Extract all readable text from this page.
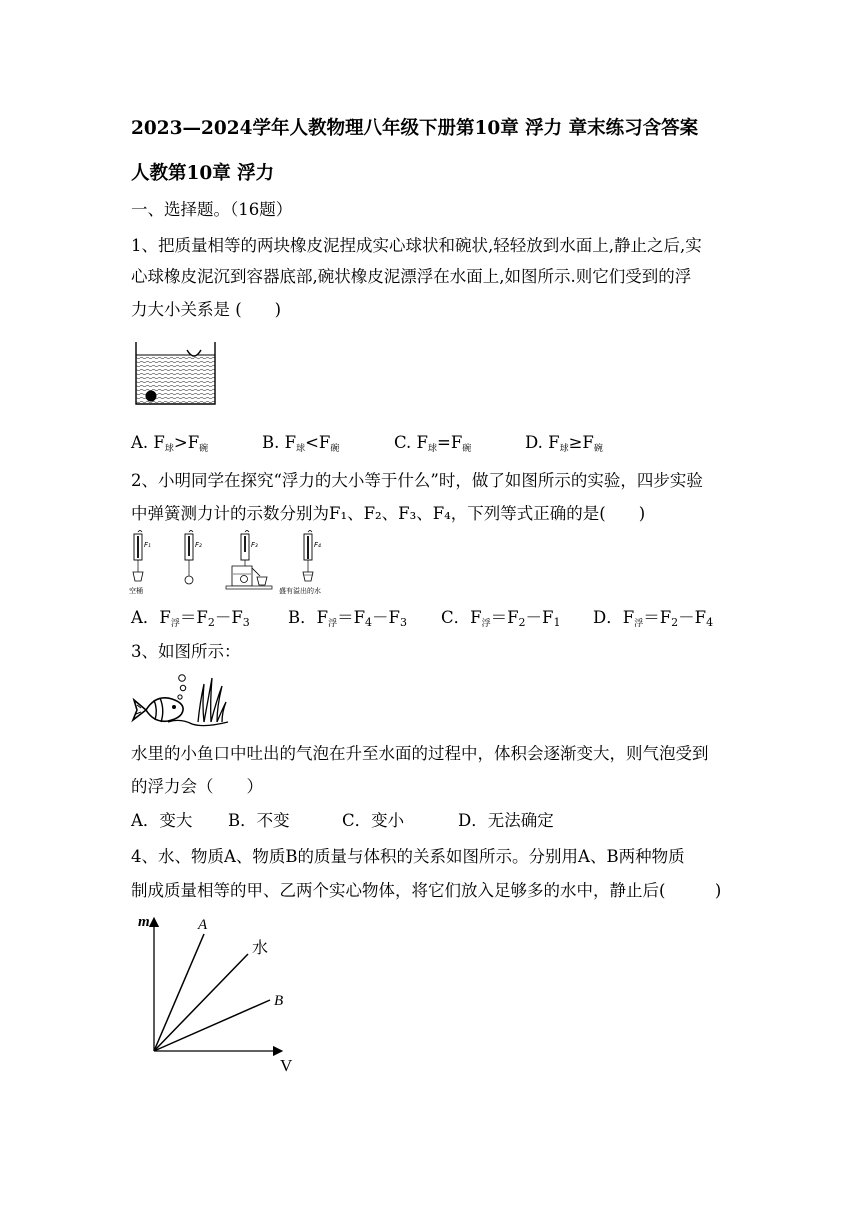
2023—2024学年人教物理八年级下册第10章 浮力 章末练习含答案
人教第10章 浮力
一、选择题。（16题）
1、把质量相等的两块橡皮泥捏成实心球状和碗状,轻轻放到水面上,静止之后,实
心球橡皮泥沉到容器底部,碗状橡皮泥漂浮在水面上,如图所示.则它们受到的浮
力大小关系是 (　　)
A. $F_球>F_碗$	B. $F_球<F_碗$	C. $F_球=F_碗$	D. $F_球\ge F_碗$
2、小明同学在探究“浮力的大小等于什么”时，做了如图所示的实验，四步实验
中弹簧测力计的示数分别为F₁、F₂、F₃、F₄，下列等式正确的是(　　)
F₁
空桶
F₂	F₃	F₄
盛有溢出的水
A．$F_浮=F2-F3$ B．$F_浮=F4-F3$ C．$F_浮=F2-F1$ D．$F_浮=F2-F4$
3、如图所示：
水里的小鱼口中吐出的气泡在升至水面的过程中，体积会逐渐变大，则气泡受到
的浮力会（　　）
A．变大 B．不变	C．变小	D．无法确定
4、水、物质A、物质B的质量与体积的关系如图所示。分别用A、B两种物质
制成质量相等的甲、乙两个实心物体，将它们放入足够多的水中，静止后(　　　)
m
V
A
水
B
